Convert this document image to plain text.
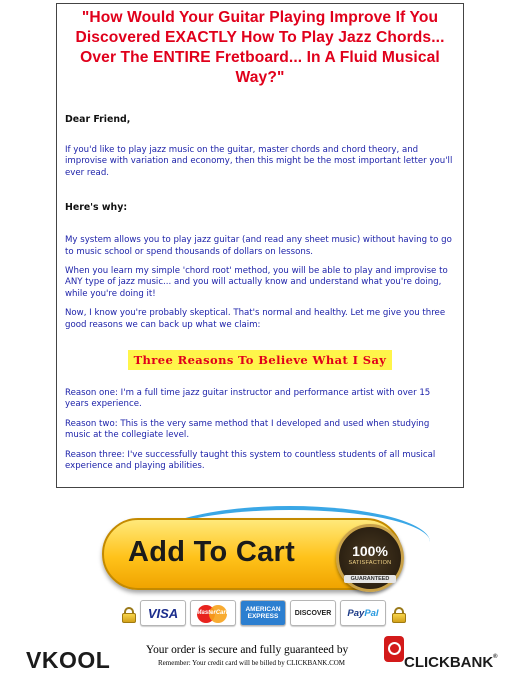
"How Would Your Guitar Playing Improve If You Discovered EXACTLY How To Play Jazz Chords... Over The ENTIRE Fretboard... In A Fluid Musical Way?"
Dear Friend,
If you'd like to play jazz music on the guitar, master chords and chord theory, and improvise with variation and economy, then this might be the most important letter you'll ever read.
Here's why:
My system allows you to play jazz guitar (and read any sheet music) without having to go to music school or spend thousands of dollars on lessons.
When you learn my simple 'chord root' method, you will be able to play and improvise to ANY type of jazz music... and you will actually know and understand what you're doing, while you're doing it!
Now, I know you're probably skeptical. That's normal and healthy. Let me give you three good reasons we can back up what we claim:
Three Reasons To Believe What I Say
Reason one: I'm a full time jazz guitar instructor and performance artist with over 15 years experience.
Reason two: This is the very same method that I developed and used when studying music at the collegiate level.
Reason three: I've successfully taught this system to countless students of all musical experience and playing abilities.
Add To Cart	100%
SATISFACTION
GUARANTEED
VISA	MasterCard AMERICAN
EXPRESS	DISCOVER PayPal
VKOOL	Your order is secure and fully guaranteed by
Remember: Your credit card will be billed by CLICKBANK.COM	CLICKBANK®
